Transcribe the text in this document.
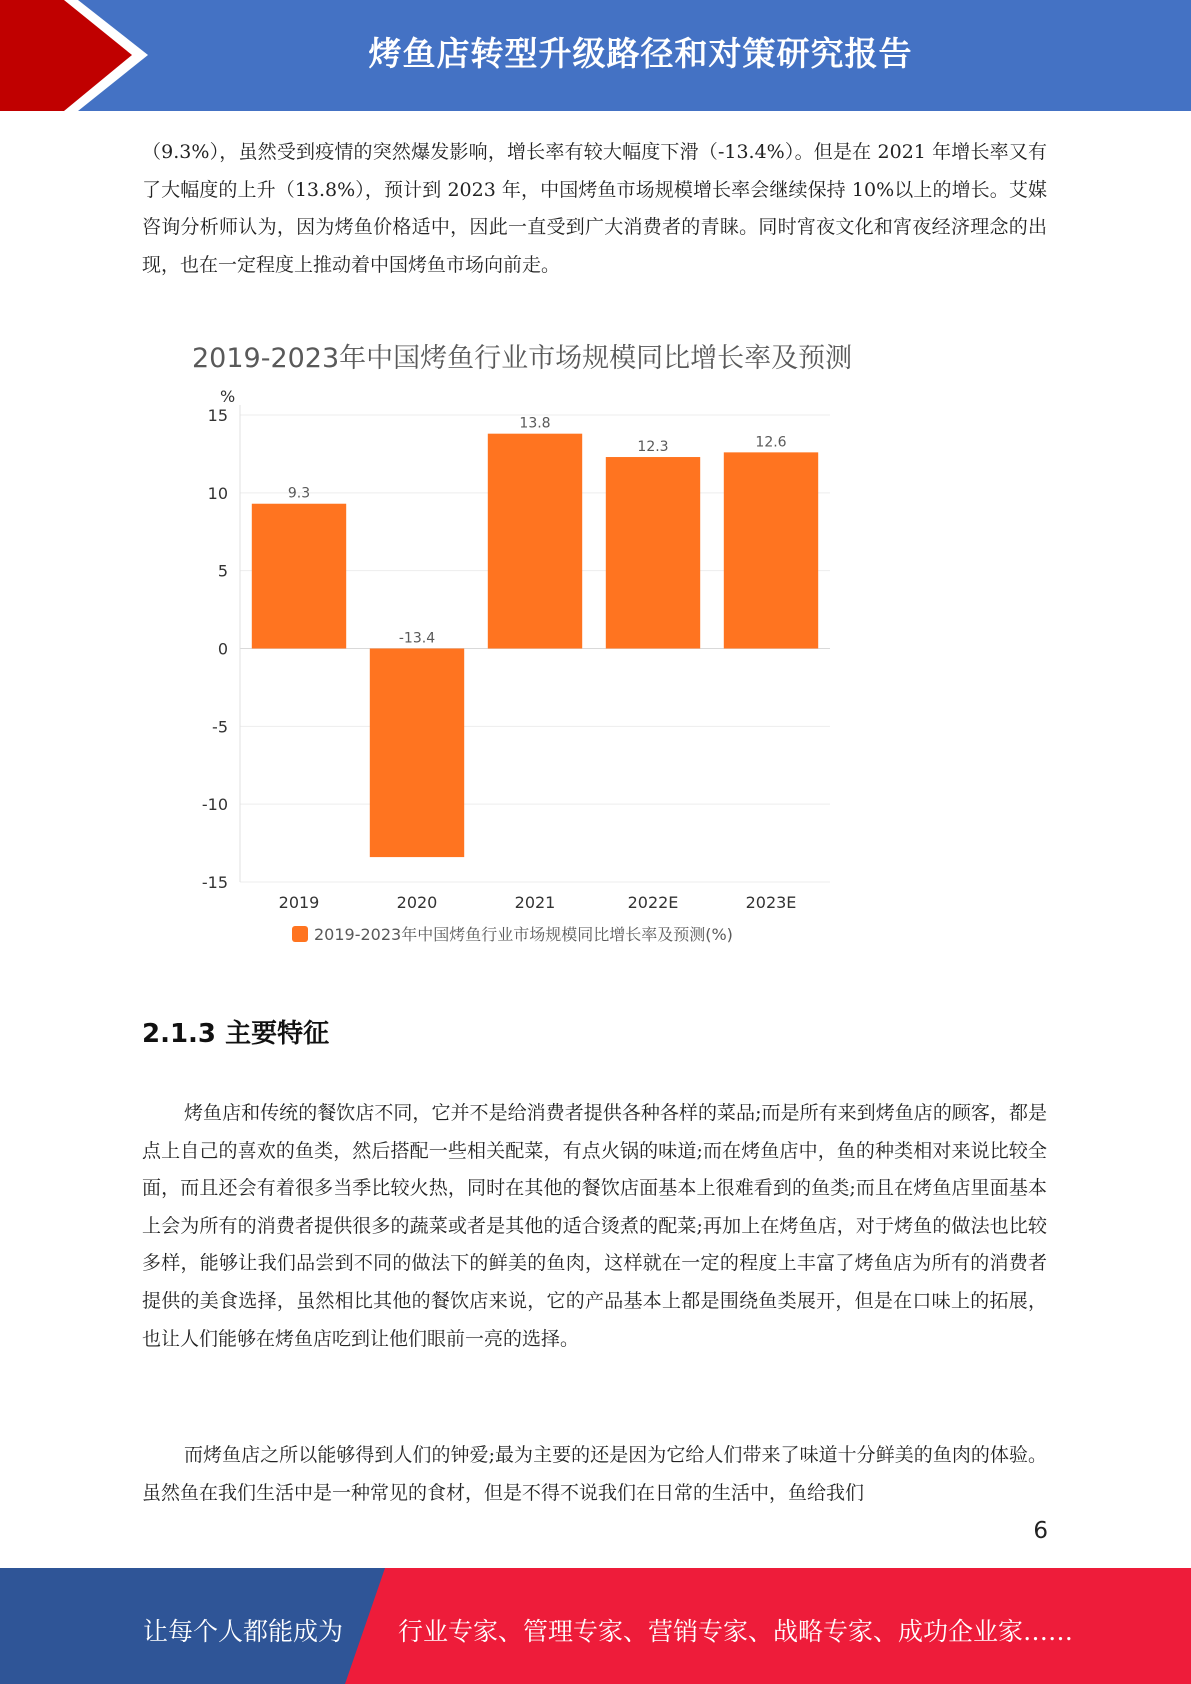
烤鱼店转型升级路径和对策研究报告
（9.3%），虽然受到疫情的突然爆发影响，增长率有较大幅度下滑（-13.4%）。但是在 2021 年增长率又有了大幅度的上升（13.8%），预计到 2023 年，中国烤鱼市场规模增长率会继续保持 10%以上的增长。艾媒咨询分析师认为，因为烤鱼价格适中，因此一直受到广大消费者的青睐。同时宵夜文化和宵夜经济理念的出现，也在一定程度上推动着中国烤鱼市场向前走。
2019-2023年中国烤鱼行业市场规模同比增长率及预测
15
10
5
0
-5
-10
-15
%
9.3
2019
-13.4
2020
13.8
2021
12.3
2022E
12.6
2023E
2019-2023年中国烤鱼行业市场规模同比增长率及预测(%)
2.1.3 主要特征
烤鱼店和传统的餐饮店不同，它并不是给消费者提供各种各样的菜品;而是所有来到烤鱼店的顾客，都是点上自己的喜欢的鱼类，然后搭配一些相关配菜，有点火锅的味道;而在烤鱼店中，鱼的种类相对来说比较全面，而且还会有着很多当季比较火热，同时在其他的餐饮店面基本上很难看到的鱼类;而且在烤鱼店里面基本上会为所有的消费者提供很多的蔬菜或者是其他的适合烫煮的配菜;再加上在烤鱼店，对于烤鱼的做法也比较多样，能够让我们品尝到不同的做法下的鲜美的鱼肉，这样就在一定的程度上丰富了烤鱼店为所有的消费者提供的美食选择，虽然相比其他的餐饮店来说，它的产品基本上都是围绕鱼类展开，但是在口味上的拓展，也让人们能够在烤鱼店吃到让他们眼前一亮的选择。
而烤鱼店之所以能够得到人们的钟爱;最为主要的还是因为它给人们带来了味道十分鲜美的鱼肉的体验。虽然鱼在我们生活中是一种常见的食材，但是不得不说我们在日常的生活中，鱼给我们
6
让每个人都能成为 行业专家、管理专家、营销专家、战略专家、成功企业家……
